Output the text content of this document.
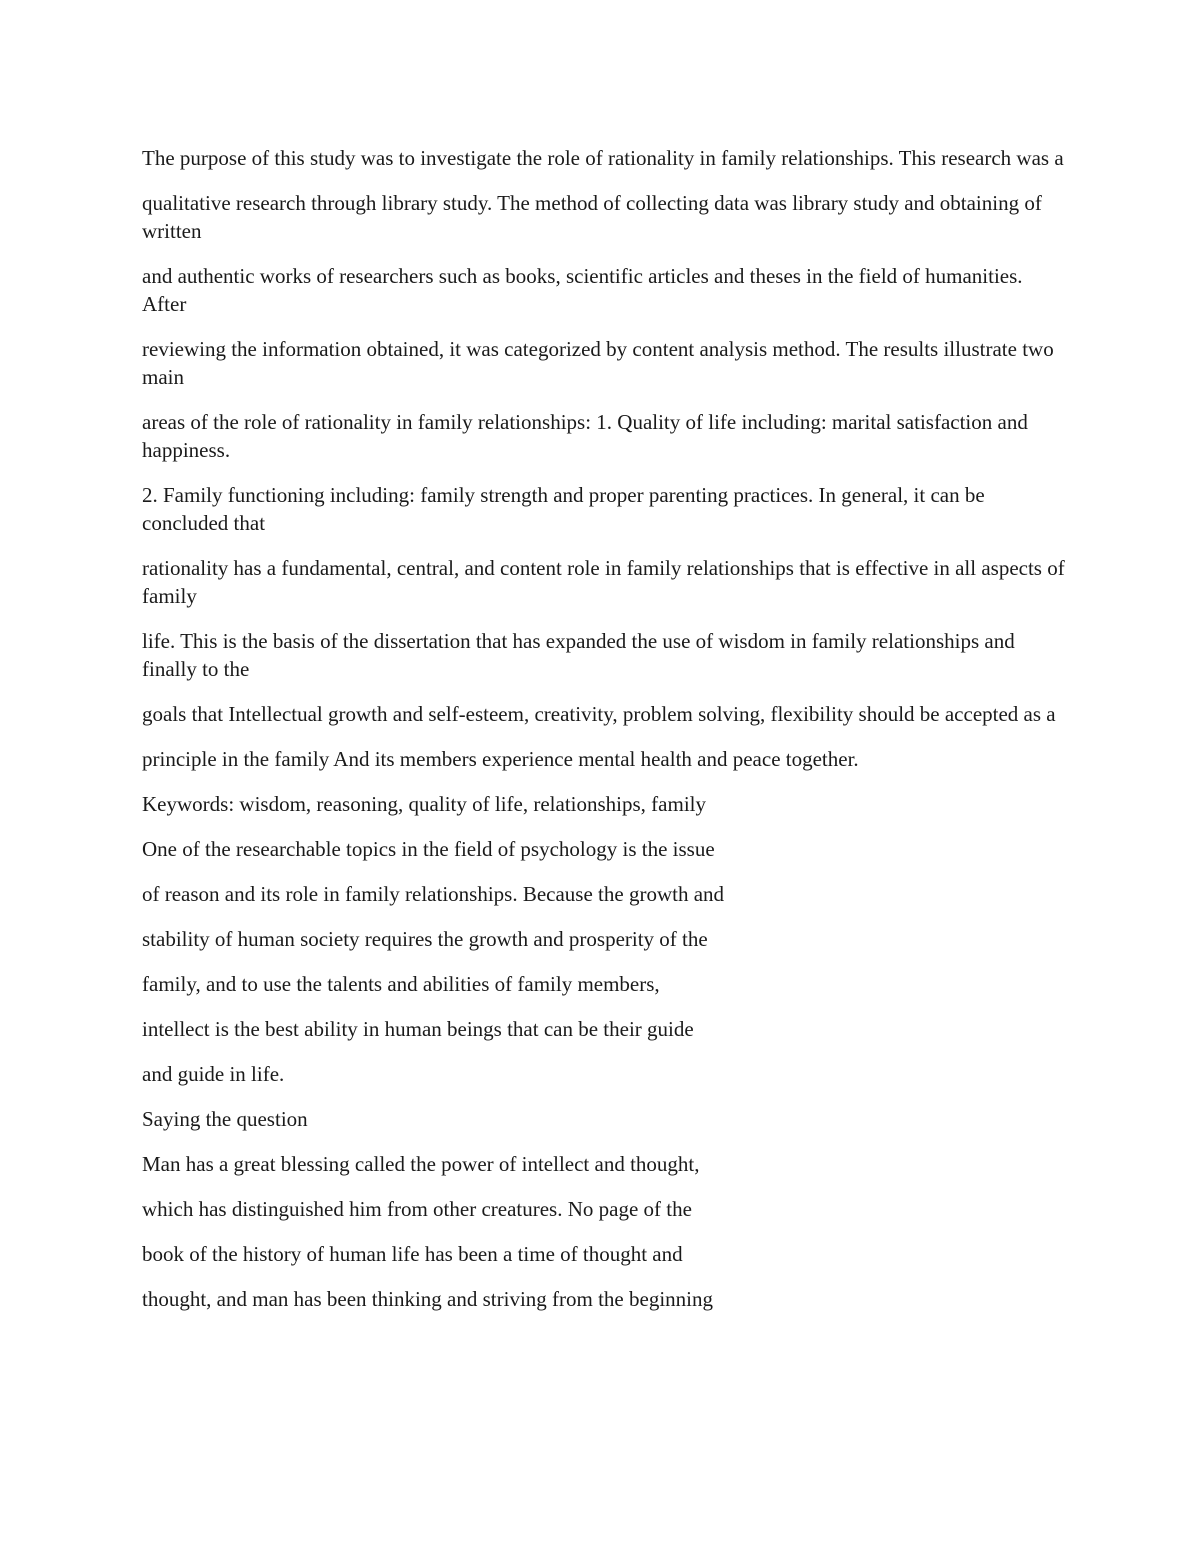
The purpose of this study was to investigate the role of rationality in family relationships. This research was a

qualitative research through library study. The method of collecting data was library study and obtaining of written

and authentic works of researchers such as books, scientific articles and theses in the field of humanities. After

reviewing the information obtained, it was categorized by content analysis method. The results illustrate two main

areas of the role of rationality in family relationships: 1. Quality of life including: marital satisfaction and happiness.

2. Family functioning including: family strength and proper parenting practices. In general, it can be concluded that

rationality has a fundamental, central, and content role in family relationships that is effective in all aspects of family

life. This is the basis of the dissertation that has expanded the use of wisdom in family relationships and finally to the

goals that Intellectual growth and self-esteem, creativity, problem solving, flexibility should be accepted as a

principle in the family And its members experience mental health and peace together.

Keywords: wisdom, reasoning, quality of life, relationships, family

One of the researchable topics in the field of psychology is the issue

of reason and its role in family relationships. Because the growth and

stability of human society requires the growth and prosperity of the

family, and to use the talents and abilities of family members,

intellect is the best ability in human beings that can be their guide

and guide in life.

Saying the question

Man has a great blessing called the power of intellect and thought,

which has distinguished him from other creatures. No page of the

book of the history of human life has been a time of thought and

thought, and man has been thinking and striving from the beginning
